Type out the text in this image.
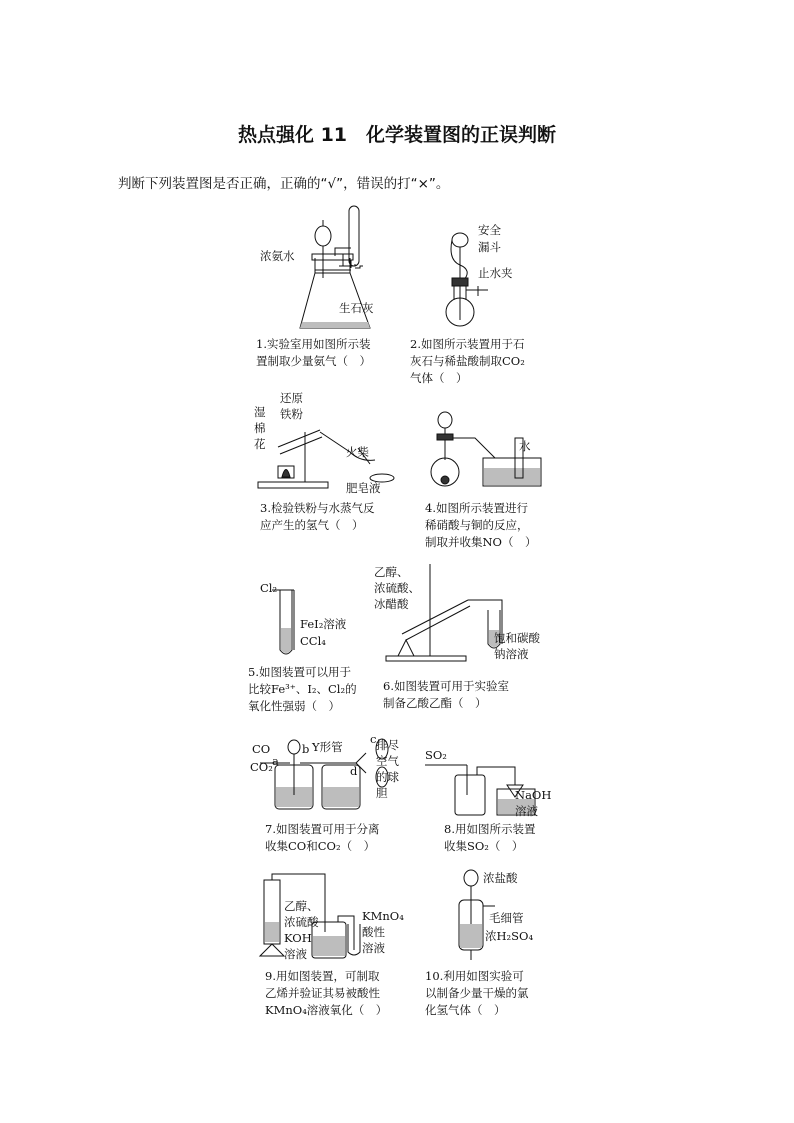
热点强化 11　化学装置图的正误判断
判断下列装置图是否正确，正确的“√”，错误的打“×”。
浓氨水
生石灰
1.实验室用如图所示装
置制取少量氨气（　）
安全
漏斗
止水夹
2.如图所示装置用于石
灰石与稀盐酸制取CO₂
气体（　）
还原
铁粉
湿
棉
花
火柴
肥皂液
3.检验铁粉与水蒸气反
应产生的氢气（　）
水
4.如图所示装置进行
稀硝酸与铜的反应，
制取并收集NO（　）
Cl₂
FeI₂溶液
CCl₄
5.如图装置可以用于
比较Fe³⁺、I₂、Cl₂的
氧化性强弱（　）
乙醇、
浓硫酸、
冰醋酸
饱和碳酸
钠溶液
6.如图装置可用于实验室
制备乙酸乙酯（　）
CO
CO₂ a
b Y形管
c
d
排尽
空气
的球
胆
7.如图装置可用于分离
收集CO和CO₂（　）
SO₂
NaOH
溶液
8.用如图所示装置
收集SO₂（　）
乙醇、
浓硫酸
KOH
溶液
KMnO₄
酸性
溶液
9.用如图装置，可制取
乙烯并验证其易被酸性
KMnO₄溶液氧化（　）
浓盐酸
毛细管
浓H₂SO₄
10.利用如图实验可
以制备少量干燥的氯
化氢气体（　）
